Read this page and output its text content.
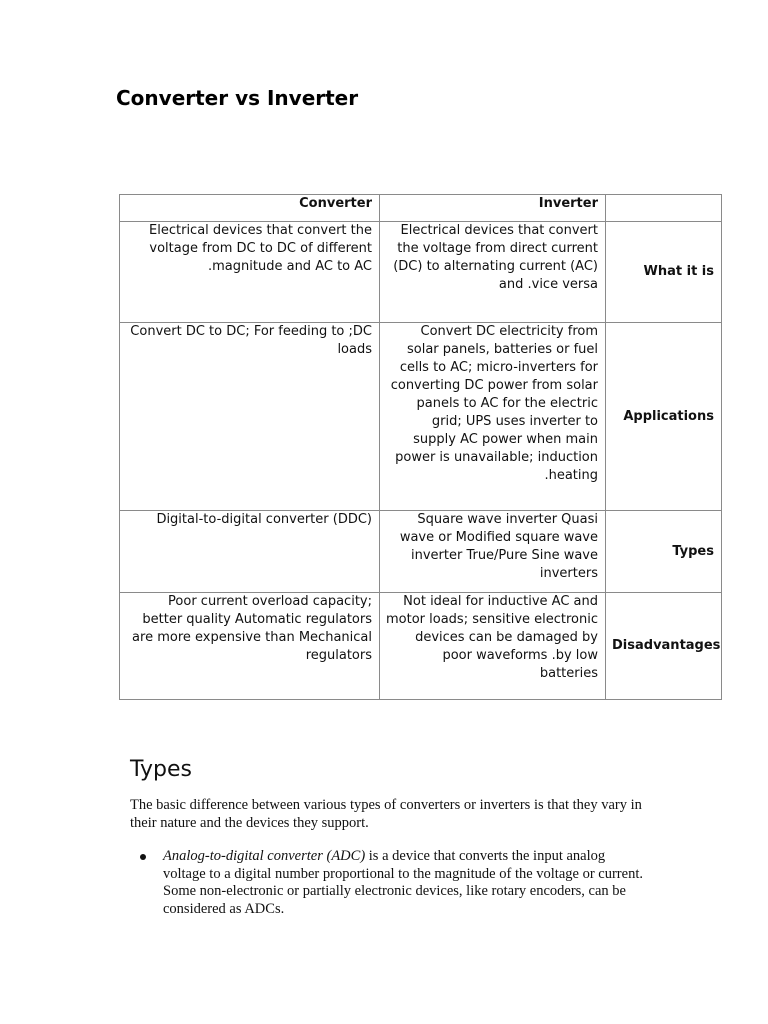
Converter vs Inverter
Converter	Inverter	
Electrical devices that convert the voltage from DC to DC of different .magnitude and AC to AC	Electrical devices that convert the voltage from direct current (DC) to alternating current (AC) and .vice versa	What it is
Convert DC to DC; For feeding to ;DC loads	Convert DC electricity from solar panels, batteries or fuel cells to AC; micro-inverters for converting DC power from solar panels to AC for the electric grid; UPS uses inverter to supply AC power when main power is unavailable; induction .heating	Applications
Digital-to-digital converter (DDC)	Square wave inverter Quasi wave or Modified square wave inverter True/Pure Sine wave inverters	Types
Poor current overload capacity; better quality Automatic regulators are more expensive than Mechanical regulators	Not ideal for inductive AC and motor loads; sensitive electronic devices can be damaged by poor waveforms .by low batteries	Disadvantages
Types

The basic difference between various types of converters or inverters is that they vary in their nature and the devices they support.

Analog-to-digital converter (ADC) is a device that converts the input analog voltage to a digital number proportional to the magnitude of the voltage or current. Some non-electronic or partially electronic devices, like rotary encoders, can be considered as ADCs.
